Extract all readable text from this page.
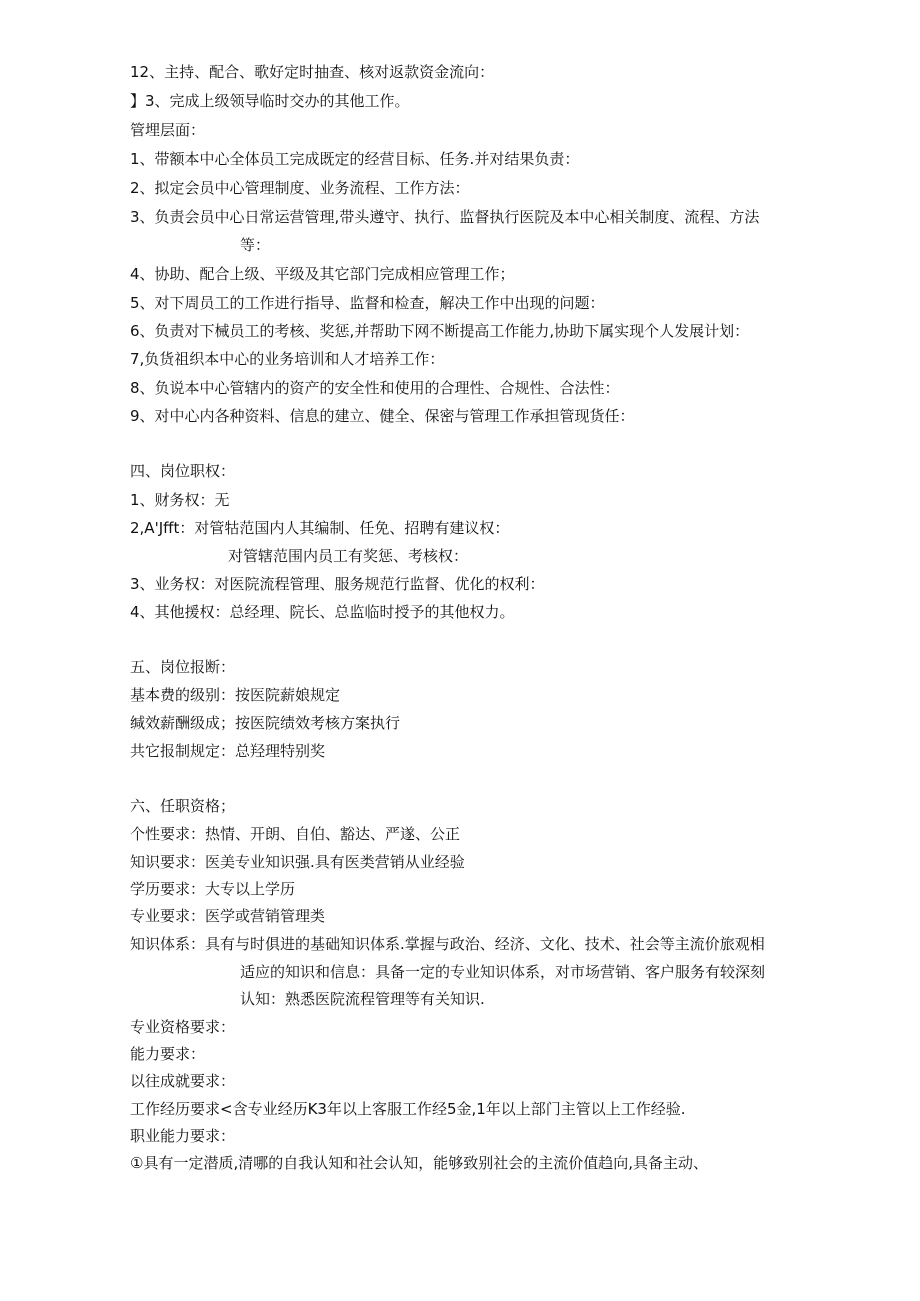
12、主持、配合、歌好定时抽查、核对返款资金流向：
】3、完成上级领导临时交办的其他工作。
管埋层面：
1、带额本中心全体员工完成既定的经营目标、任务.并对结果负责：
2、拟定会员中心管理制度、业务流程、工作方法：
3、负责会员中心日常运营管理,带头遵守、执行、监督执行医院及本中心相关制度、流程、方法
等：
4、协助、配合上级、平级及其它部门完成相应管理工作；
5、对下周员工的工作进行指导、监督和检查，解决工作中出现的问题：
6、负责对下械员工的考核、奖惩,并帮助下网不断提高工作能力,协助下属实现个人发展计划：
7,负货祖织本中心的业务培训和人才培养工作：
8、负说本中心管辖内的资产的安全性和使用的合理性、合规性、合法性：
9、对中心内各种资料、信息的建立、健全、保密与管理工作承担管现货任：
四、岗位职权：
1、财务权：无
2,A'Jfft：对管牯范国内人其编制、任免、招聘有建议权：
对管辖范围内员工有奖惩、考核权：
3、业务权：对医院流程管理、服务规范行监督、优化的权利：
4、其他援权：总经理、院长、总监临时授予的其他权力。
五、岗位报断：
基本费的级别：按医院薪娘规定
缄效薪酬级成；按医院绩效考核方案执行
共它报制规定：总羟理特别奖
六、任职资格；
个性要求：热情、开朗、自伯、豁达、严遂、公正
知识要求：医美专业知识强.具有医类营销从业经验
学历要求：大专以上学历
专业要求：医学或营销管理类
知识体系：具有与时俱进的基础知识体系.掌握与政治、经济、文化、技术、社会等主流价旅观相
适应的知识和信息：具备一定的专业知识体系，对市场营销、客户服务有较深刻
认知：熟悉医院流程管理等有关知识.
专业资格要求：
能力要求：
以往成就要求：
工作经历要求<含专业经历K3年以上客服工作经5金,1年以上部门主管以上工作经验.
职业能力要求：
①具有一定潜质,清哪的自我认知和社会认知，能够致别社会的主流价值趋向,具备主动、
